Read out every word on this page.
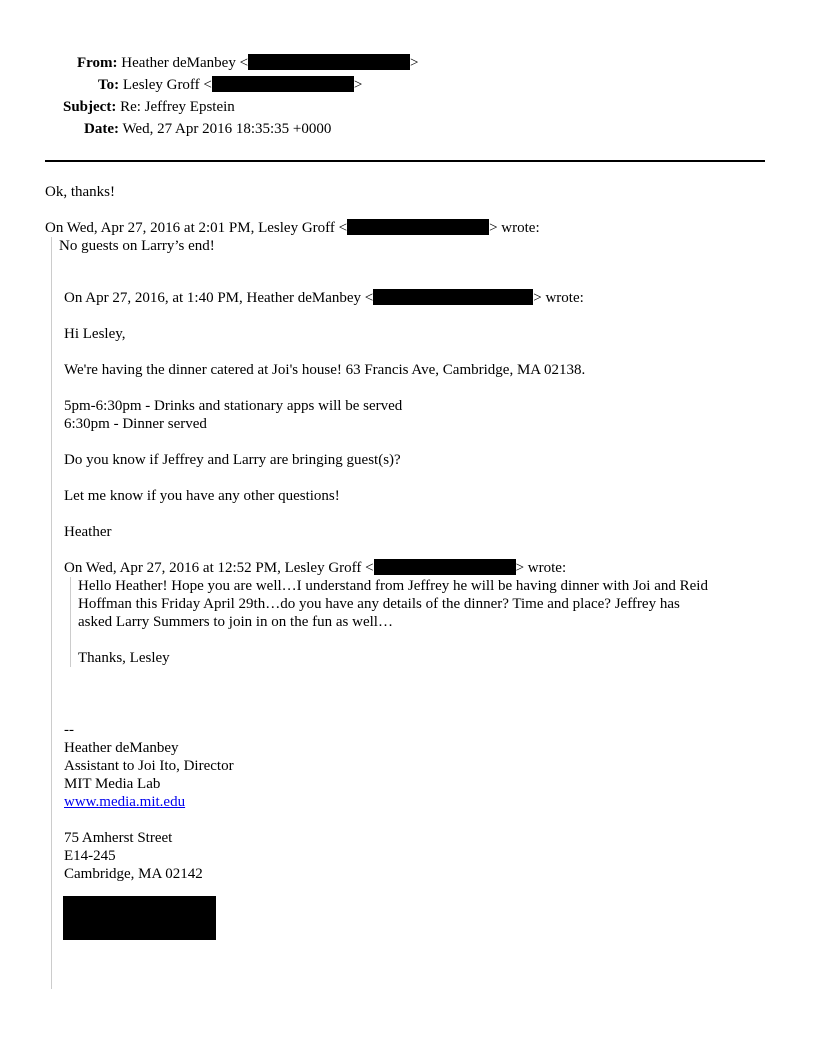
From: Heather deManbey <	>
To: Lesley Groff <	>
Subject: Re: Jeffrey Epstein
Date: Wed, 27 Apr 2016 18:35:35 +0000
Ok, thanks!
On Wed, Apr 27, 2016 at 2:01 PM, Lesley Groff <	> wrote:
No guests on Larry’s end!
On Apr 27, 2016, at 1:40 PM, Heather deManbey <	> wrote:
Hi Lesley,
We're having the dinner catered at Joi's house! 63 Francis Ave, Cambridge, MA 02138.
5pm-6:30pm - Drinks and stationary apps will be served
6:30pm - Dinner served
Do you know if Jeffrey and Larry are bringing guest(s)?
Let me know if you have any other questions!
Heather
On Wed, Apr 27, 2016 at 12:52 PM, Lesley Groff <	> wrote:
Hello Heather! Hope you are well…I understand from Jeffrey he will be having dinner with Joi and Reid
Hoffman this Friday April 29th…do you have any details of the dinner? Time and place? Jeffrey has
asked Larry Summers to join in on the fun as well…
Thanks, Lesley
--
Heather deManbey
Assistant to Joi Ito, Director
MIT Media Lab
www.media.mit.edu
75 Amherst Street
E14-245
Cambridge, MA 02142
